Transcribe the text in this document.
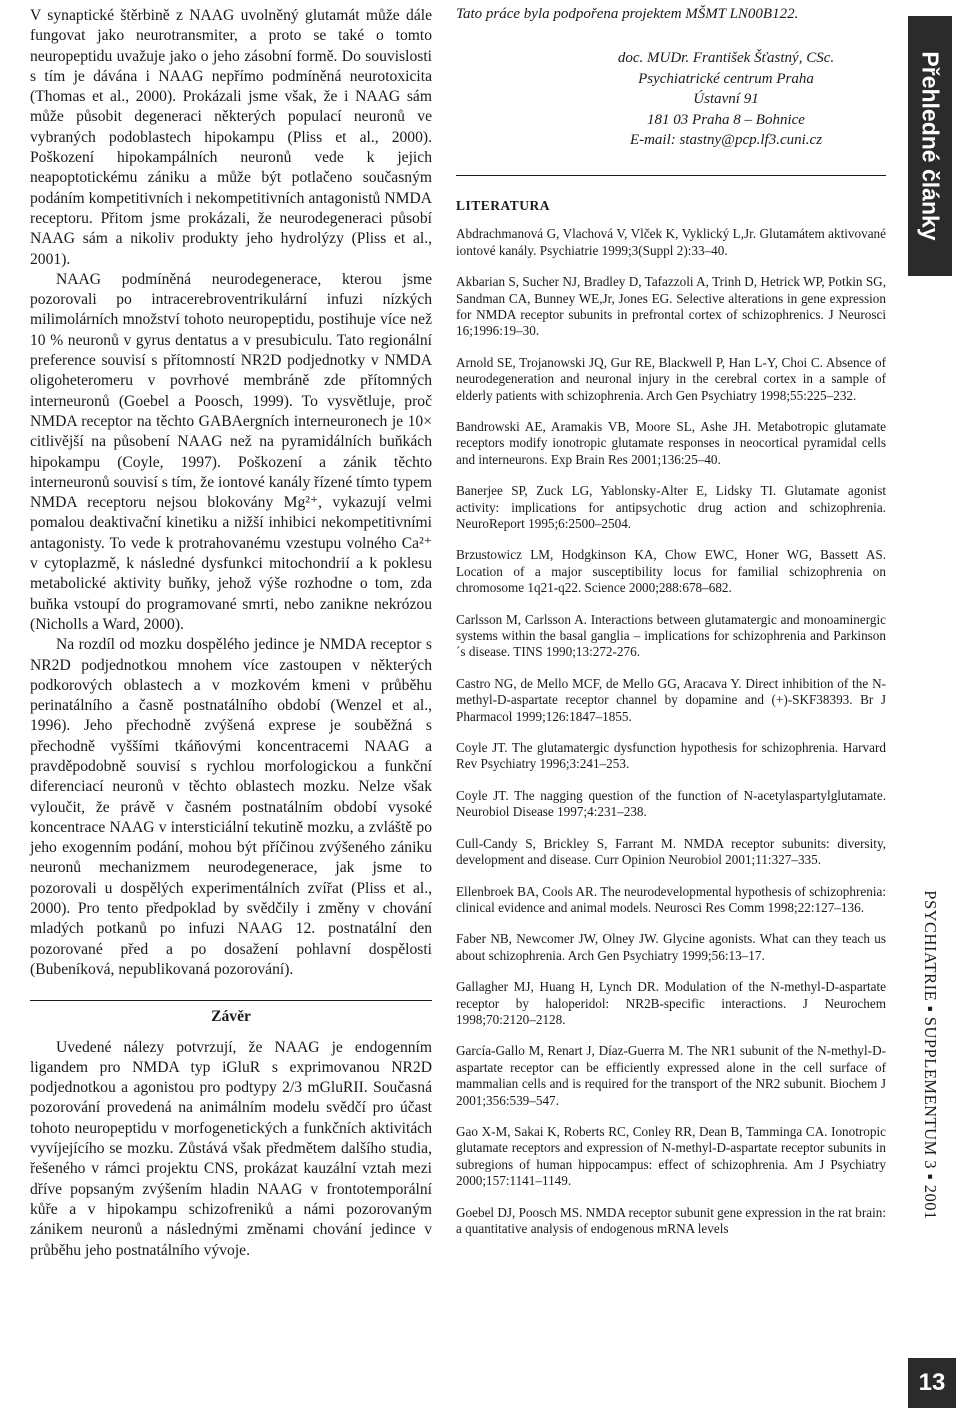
V synaptické štěrbině z NAAG uvolněný glutamát může dále fungovat jako neurotransmiter, a proto se také o tomto neuropeptidu uvažuje jako o jeho zásobní formě. Do souvislosti s tím je dávána i NAAG nepřímo podmíněná neurotoxicita (Thomas et al., 2000). Prokázali jsme však, že i NAAG sám může působit degeneraci některých populací neuronů ve vybraných podoblastech hipokampu (Pliss et al., 2000). Poškození hipokampálních neuronů vede k jejich neapoptotickému zániku a může být potlačeno současným podáním kompetitivních i nekompetitivních antagonistů NMDA receptoru. Přitom jsme prokázali, že neurodegeneraci působí NAAG sám a nikoliv produkty jeho hydrolýzy (Pliss et al., 2001).

NAAG podmíněná neurodegenerace, kterou jsme pozorovali po intracerebroventrikulární infuzi nízkých milimolárních množství tohoto neuropeptidu, postihuje více než 10 % neuronů v gyrus dentatus a v presubiculu. Tato regionální preference souvisí s přítomností NR2D podjednotky v NMDA oligoheteromeru v povrhové membráně zde přítomných interneuronů (Goebel a Poosch, 1999). To vysvětluje, proč NMDA receptor na těchto GABAergních interneuronech je 10× citlivější na působení NAAG než na pyramidálních buňkách hipokampu (Coyle, 1997). Poškození a zánik těchto interneuronů souvisí s tím, že iontové kanály řízené tímto typem NMDA receptoru nejsou blokovány Mg²⁺, vykazují velmi pomalou deaktivační kinetiku a nižší inhibici nekompetitivními antagonisty. To vede k protrahovanému vzestupu volného Ca²⁺ v cytoplazmě, k následné dysfunkci mitochondrií a k poklesu metabolické aktivity buňky, jehož výše rozhodne o tom, zda buňka vstoupí do programované smrti, nebo zanikne nekrózou (Nicholls a Ward, 2000).

Na rozdíl od mozku dospělého jedince je NMDA receptor s NR2D podjednotkou mnohem více zastoupen v některých podkorových oblastech a v mozkovém kmeni v průběhu perinatálního a časně postnatálního období (Wenzel et al., 1996). Jeho přechodně zvýšená exprese je souběžná s přechodně vyššími tkáňovými koncentracemi NAAG a pravděpodobně souvisí s rychlou morfologickou a funkční diferenciací neuronů v těchto oblastech mozku. Nelze však vyloučit, že právě v časném postnatálním období vysoké koncentrace NAAG v intersticiální tekutině mozku, a zvláště po jeho exogenním podání, mohou být příčinou zvýšeného zániku neuronů mechanizmem neurodegenerace, jak jsme to pozorovali u dospělých experimentálních zvířat (Pliss et al., 2000). Pro tento předpoklad by svědčily i změny v chování mladých potkanů po infuzi NAAG 12. postnatální den pozorované před a po dosažení pohlavní dospělosti (Bubeníková, nepublikovaná pozorování).

Závěr

Uvedené nálezy potvrzují, že NAAG je endogenním ligandem pro NMDA typ iGluR s exprimovanou NR2D podjednotkou a agonistou pro podtypy 2/3 mGluRII. Současná pozorování provedená na animálním modelu svědčí pro účast tohoto neuropeptidu v morfogenetických a funkčních aktivitách vyvíjejícího se mozku. Zůstává však předmětem dalšího studia, řešeného v rámci projektu CNS, prokázat kauzální vztah mezi dříve popsaným zvýšením hladin NAAG v frontotemporální kůře a v hipokampu schizofreniků a námi pozorovaným zánikem neuronů a následnými změnami chování jedince v průběhu jeho postnatálního vývoje.

Tato práce byla podpořena projektem MŠMT LN00B122.
doc. MUDr. František Šťastný, CSc.
Psychiatrické centrum Praha
Ústavní 91
181 03 Praha 8 – Bohnice
E-mail: stastny@pcp.lf3.cuni.cz
LITERATURA

Abdrachmanová G, Vlachová V, Vlček K, Vyklický L,Jr. Glutamátem aktivované iontové kanály. Psychiatrie 1999;3(Suppl 2):33–40.

Akbarian S, Sucher NJ, Bradley D, Tafazzoli A, Trinh D, Hetrick WP, Potkin SG, Sandman CA, Bunney WE,Jr, Jones EG. Selective alterations in gene expression for NMDA receptor subunits in prefrontal cortex of schizophrenics. J Neurosci 16;1996:19–30.

Arnold SE, Trojanowski JQ, Gur RE, Blackwell P, Han L-Y, Choi C. Absence of neurodegeneration and neuronal injury in the cerebral cortex in a sample of elderly patients with schizophrenia. Arch Gen Psychiatry 1998;55:225–232.

Bandrowski AE, Aramakis VB, Moore SL, Ashe JH. Metabotropic glutamate receptors modify ionotropic glutamate responses in neocortical pyramidal cells and interneurons. Exp Brain Res 2001;136:25–40.

Banerjee SP, Zuck LG, Yablonsky-Alter E, Lidsky TI. Glutamate agonist activity: implications for antipsychotic drug action and schizophrenia. NeuroReport 1995;6:2500–2504.

Brzustowicz LM, Hodgkinson KA, Chow EWC, Honer WG, Bassett AS. Location of a major susceptibility locus for familial schizophrenia on chromosome 1q21-q22. Science 2000;288:678–682.

Carlsson M, Carlsson A. Interactions between glutamatergic and monoaminergic systems within the basal ganglia – implications for schizophrenia and Parkinson´s disease. TINS 1990;13:272-276.

Castro NG, de Mello MCF, de Mello GG, Aracava Y. Direct inhibition of the N-methyl-D-aspartate receptor channel by dopamine and (+)-SKF38393. Br J Pharmacol 1999;126:1847–1855.

Coyle JT. The glutamatergic dysfunction hypothesis for schizophrenia. Harvard Rev Psychiatry 1996;3:241–253.

Coyle JT. The nagging question of the function of N-acetylaspartylglutamate. Neurobiol Disease 1997;4:231–238.

Cull-Candy S, Brickley S, Farrant M. NMDA receptor subunits: diversity, development and disease. Curr Opinion Neurobiol 2001;11:327–335.

Ellenbroek BA, Cools AR. The neurodevelopmental hypothesis of schizophrenia: clinical evidence and animal models. Neurosci Res Comm 1998;22:127–136.

Faber NB, Newcomer JW, Olney JW. Glycine agonists. What can they teach us about schizophrenia. Arch Gen Psychiatry 1999;56:13–17.

Gallagher MJ, Huang H, Lynch DR. Modulation of the N-methyl-D-aspartate receptor by haloperidol: NR2B-specific interactions. J Neurochem 1998;70:2120–2128.

García-Gallo M, Renart J, Díaz-Guerra M. The NR1 subunit of the N-methyl-D-aspartate receptor can be efficiently expressed alone in the cell surface of mammalian cells and is required for the transport of the NR2 subunit. Biochem J 2001;356:539–547.

Gao X-M, Sakai K, Roberts RC, Conley RR, Dean B, Tamminga CA. Ionotropic glutamate receptors and expression of N-methyl-D-aspartate receptor subunits in subregions of human hippocampus: effect of schizophrenia. Am J Psychiatry 2000;157:1141–1149.

Goebel DJ, Poosch MS. NMDA receptor subunit gene expression in the rat brain: a quantitative analysis of endogenous mRNA levels

Přehledné články
PSYCHIATRIE ▪ SUPPLEMENTUM 3 ▪ 2001
13
